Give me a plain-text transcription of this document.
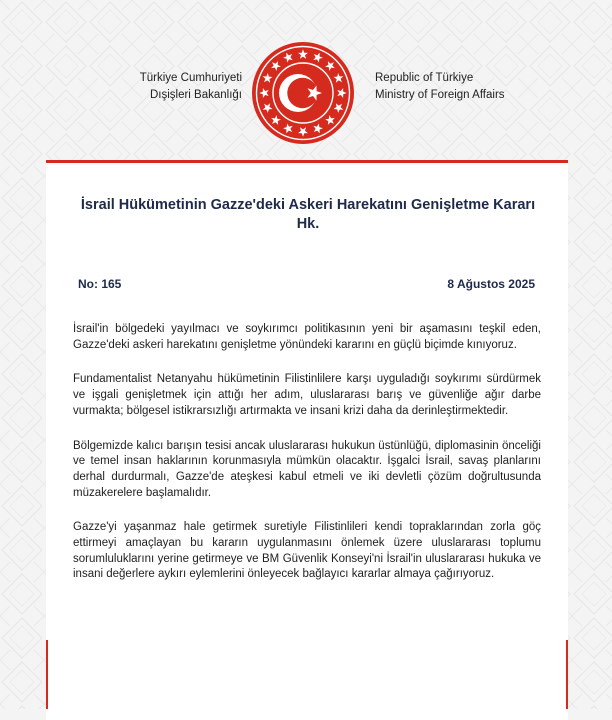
Türkiye Cumhuriyeti
Dışişleri Bakanlığı
Republic of Türkiye
Ministry of Foreign Affairs
İsrail Hükümetinin Gazze'deki Askeri Harekatını Genişletme Kararı Hk.
No: 165	8 Ağustos 2025

İsrail'in bölgedeki yayılmacı ve soykırımcı politikasının yeni bir aşamasını teşkil eden, Gazze'deki askeri harekatını genişletme yönündeki kararını en güçlü biçimde kınıyoruz.

Fundamentalist Netanyahu hükümetinin Filistinlilere karşı uyguladığı soykırımı sürdürmek ve işgali genişletmek için attığı her adım, uluslararası barış ve güvenliğe ağır darbe vurmakta; bölgesel istikrarsızlığı artırmakta ve insani krizi daha da derinleştirmektedir.

Bölgemizde kalıcı barışın tesisi ancak uluslararası hukukun üstünlüğü, diplomasinin önceliği ve temel insan haklarının korunmasıyla mümkün olacaktır. İşgalci İsrail, savaş planlarını derhal durdurmalı, Gazze'de ateşkesi kabul etmeli ve iki devletli çözüm doğrultusunda müzakerelere başlamalıdır.

Gazze'yi yaşanmaz hale getirmek suretiyle Filistinlileri kendi topraklarından zorla göç ettirmeyi amaçlayan bu kararın uygulanmasını önlemek üzere uluslararası toplumu sorumluluklarını yerine getirmeye ve BM Güvenlik Konseyi'ni İsrail'in uluslararası hukuka ve insani değerlere aykırı eylemlerini önleyecek bağlayıcı kararlar almaya çağırıyoruz.
